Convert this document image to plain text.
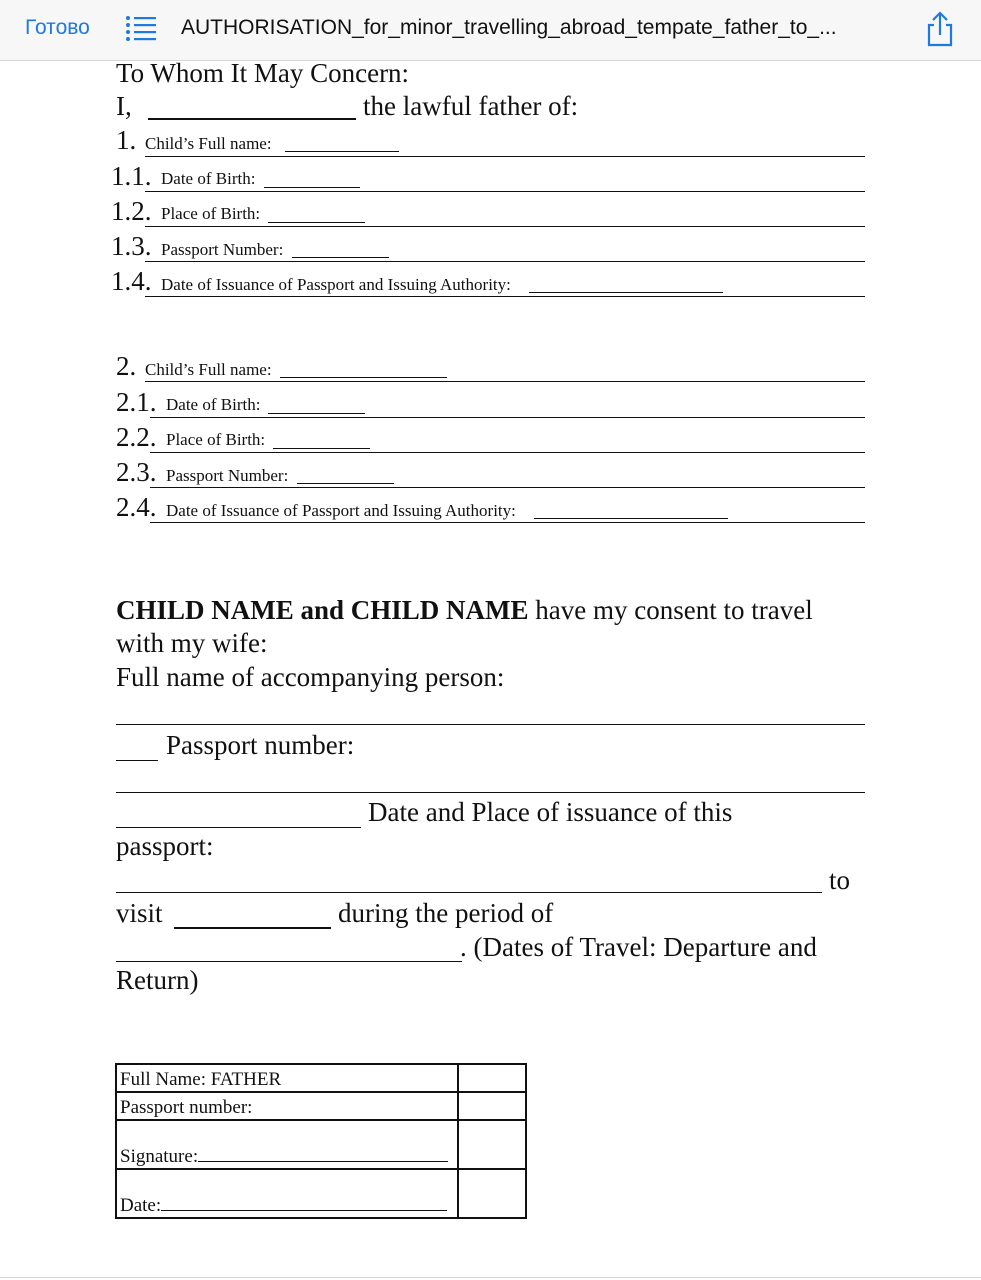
Готово	AUTHORISATION_for_minor_travelling_abroad_tempate_father_to_...
To Whom It May Concern:
I,	the lawful father of:
1. Child’s Full name:
1.1. Date of Birth:
1.2. Place of Birth:
1.3. Passport Number:
1.4. Date of Issuance of Passport and Issuing Authority:
2. Child’s Full name:
2.1. Date of Birth:
2.2. Place of Birth:
2.3. Passport Number:
2.4. Date of Issuance of Passport and Issuing Authority:
CHILD NAME and CHILD NAME have my consent to travel
with my wife:
Full name of accompanying person:
Passport number:
Date and Place of issuance of this
passport:
to
visit	during the period of
. (Dates of Travel: Departure and
Return)
Full Name: FATHER	
Passport number:	
Signature:	
Date:	
